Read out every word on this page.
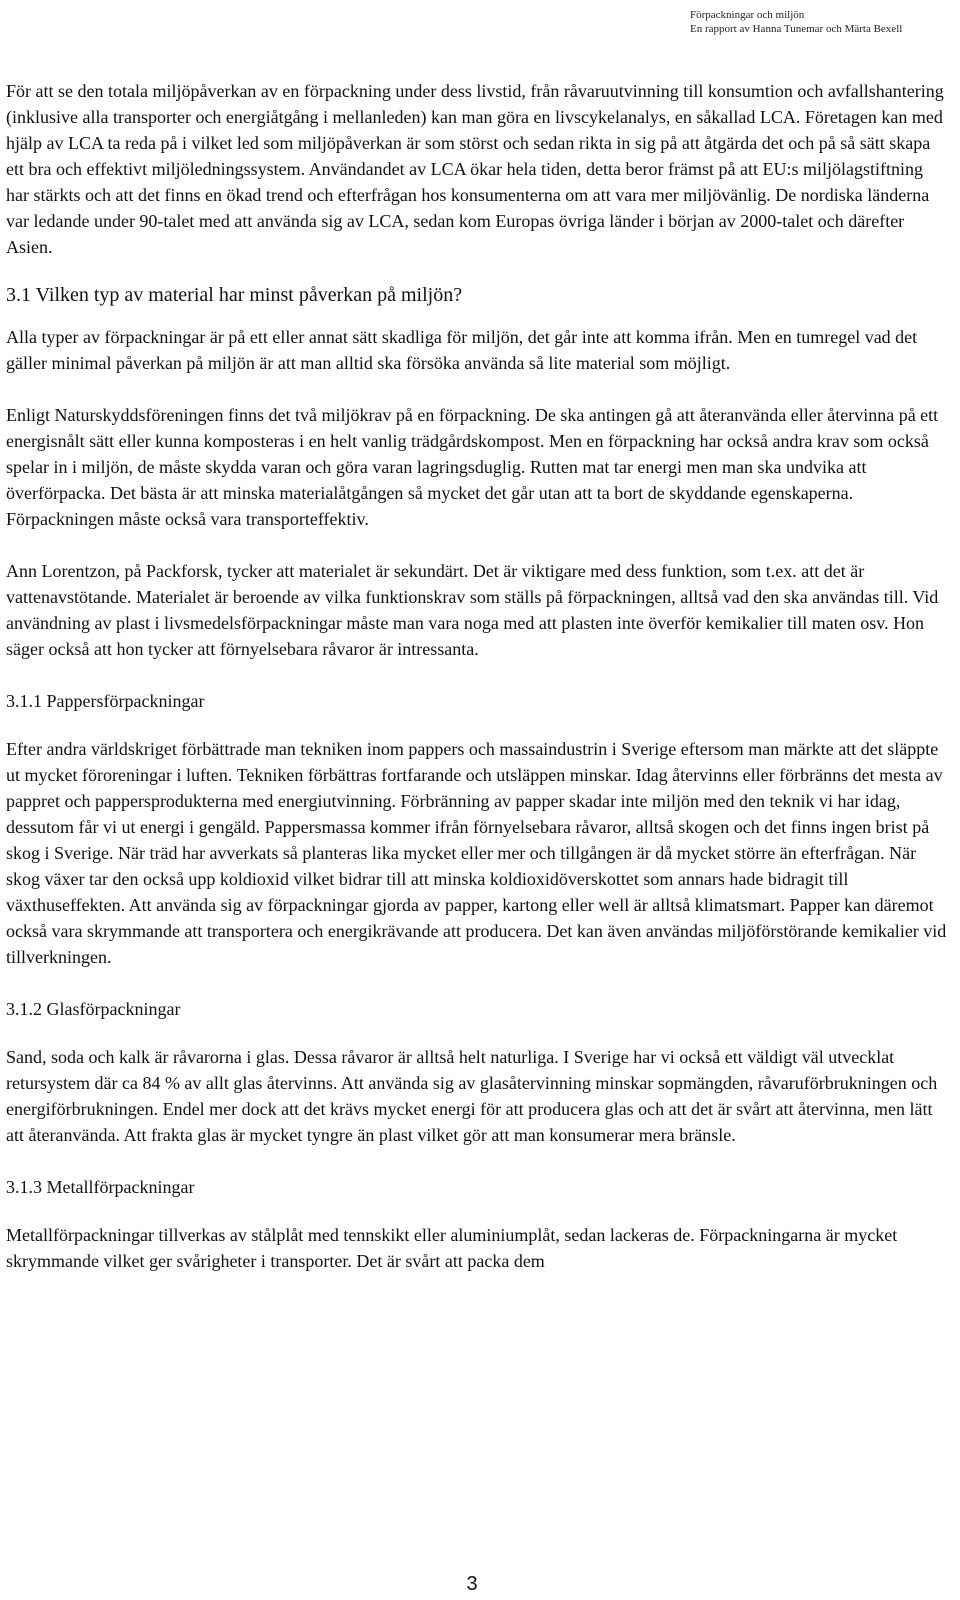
Förpackningar och miljön
En rapport av Hanna Tunemar och Märta Bexell

För att se den totala miljöpåverkan av en förpackning under dess livstid, från råvaruutvinning till konsumtion och avfallshantering (inklusive alla transporter och energiåtgång i mellanleden) kan man göra en livscykelanalys, en såkallad LCA. Företagen kan med hjälp av LCA ta reda på i vilket led som miljöpåverkan är som störst och sedan rikta in sig på att åtgärda det och på så sätt skapa ett bra och effektivt miljöledningssystem. Användandet av LCA ökar hela tiden, detta beror främst på att EU:s miljölagstiftning har stärkts och att det finns en ökad trend och efterfrågan hos konsumenterna om att vara mer miljövänlig. De nordiska länderna var ledande under 90-talet med att använda sig av LCA, sedan kom Europas övriga länder i början av 2000-talet och därefter Asien.

3.1 Vilken typ av material har minst påverkan på miljön?

Alla typer av förpackningar är på ett eller annat sätt skadliga för miljön, det går inte att komma ifrån. Men en tumregel vad det gäller minimal påverkan på miljön är att man alltid ska försöka använda så lite material som möjligt.

Enligt Naturskyddsföreningen finns det två miljökrav på en förpackning. De ska antingen gå att återanvända eller återvinna på ett energisnålt sätt eller kunna komposteras i en helt vanlig trädgårdskompost. Men en förpackning har också andra krav som också spelar in i miljön, de måste skydda varan och göra varan lagringsduglig. Rutten mat tar energi men man ska undvika att överförpacka. Det bästa är att minska materialåtgången så mycket det går utan att ta bort de skyddande egenskaperna. Förpackningen måste också vara transporteffektiv.

Ann Lorentzon, på Packforsk, tycker att materialet är sekundärt. Det är viktigare med dess funktion, som t.ex. att det är vattenavstötande. Materialet är beroende av vilka funktionskrav som ställs på förpackningen, alltså vad den ska användas till. Vid användning av plast i livsmedelsförpackningar måste man vara noga med att plasten inte överför kemikalier till maten osv. Hon säger också att hon tycker att förnyelsebara råvaror är intressanta.

3.1.1 Pappersförpackningar

Efter andra världskriget förbättrade man tekniken inom pappers och massaindustrin i Sverige eftersom man märkte att det släppte ut mycket föroreningar i luften. Tekniken förbättras fortfarande och utsläppen minskar. Idag återvinns eller förbränns det mesta av pappret och pappersprodukterna med energiutvinning. Förbränning av papper skadar inte miljön med den teknik vi har idag, dessutom får vi ut energi i gengäld. Pappersmassa kommer ifrån förnyelsebara råvaror, alltså skogen och det finns ingen brist på skog i Sverige. När träd har avverkats så planteras lika mycket eller mer och tillgången är då mycket större än efterfrågan. När skog växer tar den också upp koldioxid vilket bidrar till att minska koldioxidöverskottet som annars hade bidragit till växthuseffekten. Att använda sig av förpackningar gjorda av papper, kartong eller well är alltså klimatsmart. Papper kan däremot också vara skrymmande att transportera och energikrävande att producera. Det kan även användas miljöförstörande kemikalier vid tillverkningen.

3.1.2 Glasförpackningar

Sand, soda och kalk är råvarorna i glas. Dessa råvaror är alltså helt naturliga. I Sverige har vi också ett väldigt väl utvecklat retursystem där ca 84 % av allt glas återvinns. Att använda sig av glasåtervinning minskar sopmängden, råvaruförbrukningen och energiförbrukningen. Endel mer dock att det krävs mycket energi för att producera glas och att det är svårt att återvinna, men lätt att återanvända. Att frakta glas är mycket tyngre än plast vilket gör att man konsumerar mera bränsle.

3.1.3 Metallförpackningar

Metallförpackningar tillverkas av stålplåt med tennskikt eller aluminiumplåt, sedan lackeras de. Förpackningarna är mycket skrymmande vilket ger svårigheter i transporter. Det är svårt att packa dem

3
